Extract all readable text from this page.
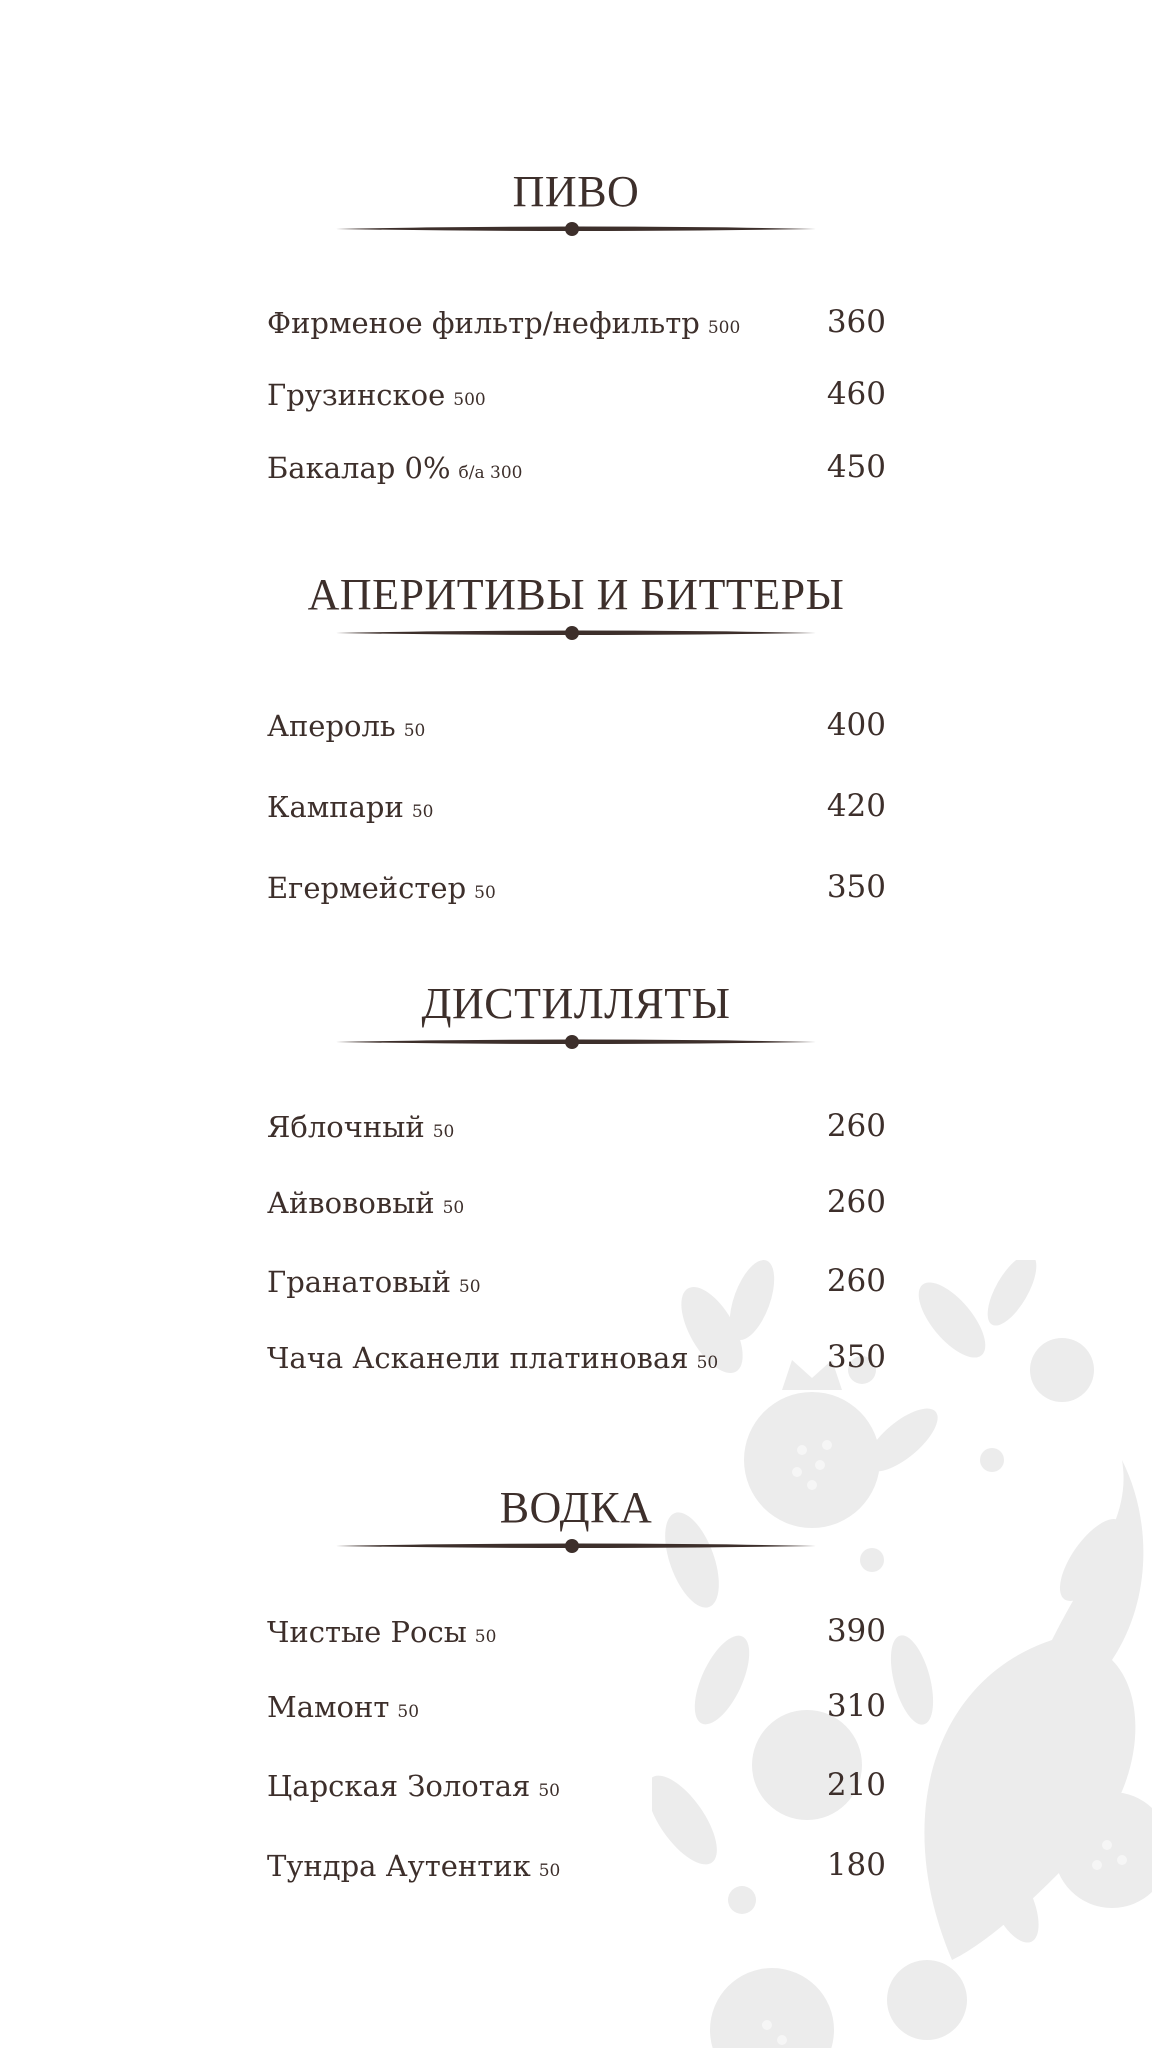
ПИВО
Фирменое фильтр/нефильтр 500	360
Грузинское 500	460
Бакалар 0% б/а 300	450
АПЕРИТИВЫ И БИТТЕРЫ
Апероль 50	400
Кампари 50	420
Егермейстер 50	350
ДИСТИЛЛЯТЫ
Яблочный 50	260
Айвововый 50	260
Гранатовый 50	260
Чача Асканели платиновая 50	350
ВОДКА
Чистые Росы 50	390
Мамонт 50	310
Царская Золотая 50	210
Тундра Аутентик 50	180
